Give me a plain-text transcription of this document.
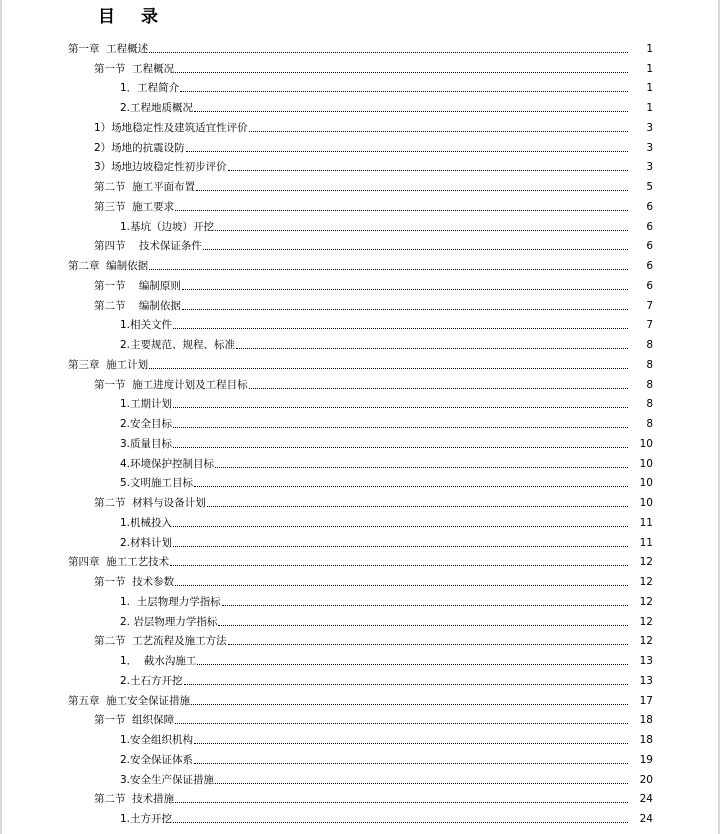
目录
第一章  工程概述	1
第一节  工程概况	1
1．工程简介	1
2.工程地质概况	1
1）场地稳定性及建筑适宜性评价	3
2）场地的抗震设防	3
3）场地边坡稳定性初步评价	3
第二节  施工平面布置	5
第三节  施工要求	6
1.基坑（边坡）开挖	6
第四节    技术保证条件	6
第二章  编制依据	6
第一节    编制原则	6
第二节    编制依据	7
1.相关文件	7
2.主要规范、规程、标准	8
第三章  施工计划	8
第一节  施工进度计划及工程目标	8
1.工期计划	8
2.安全目标	8
3.质量目标	10
4.环境保护控制目标	10
5.文明施工目标	10
第二节  材料与设备计划	10
1.机械投入	11
2.材料计划	11
第四章  施工工艺技术	12
第一节  技术参数	12
1.  土层物理力学指标	12
2. 岩层物理力学指标	12
第二节  工艺流程及施工方法	12
1．  截水沟施工	13
2.土石方开挖	13
第五章  施工安全保证措施	17
第一节  组织保障	18
1.安全组织机构	18
2.安全保证体系	19
3.安全生产保证措施	20
第二节  技术措施	24
1.土方开挖	24
